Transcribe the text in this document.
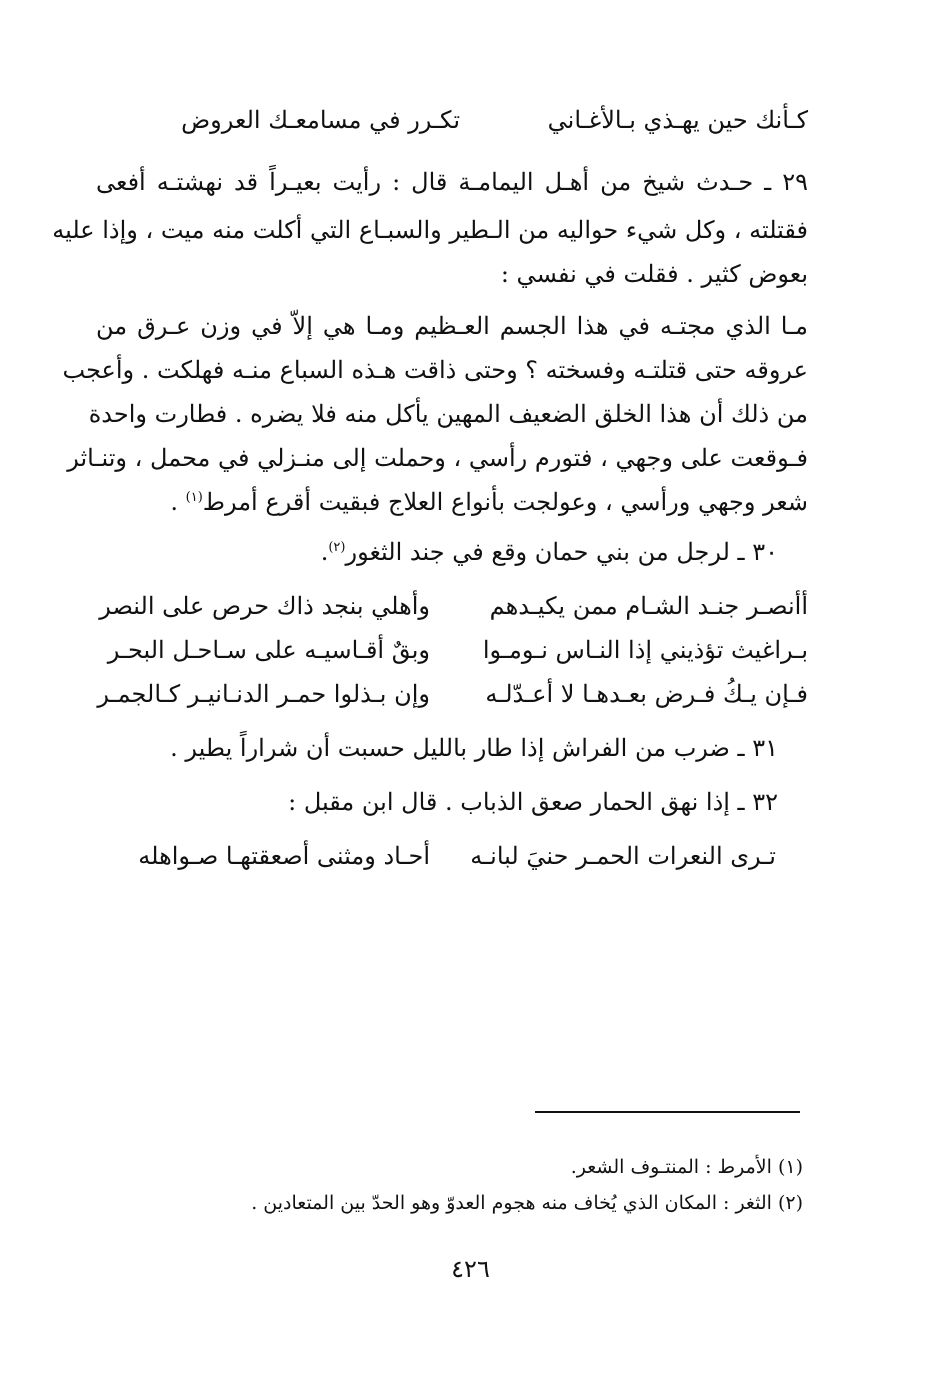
كـأنك حين يهـذي بـالأغـاني
تكـرر في مسامعـك العروض
٢٩ ـ حـدث شيخ من أهـل اليمامـة قال : رأيت بعيـراً قد نهشتـه أفعى
فقتلته ، وكل شيء حواليه من الـطير والسبـاع التي أكلت منه ميت ، وإذا عليه
بعوض كثير . فقلت في نفسي :
مـا الذي مجتـه في هذا الجسم العـظيم ومـا هي إلاّ في وزن عـرق من
عروقه حتى قتلتـه وفسخته ؟ وحتى ذاقت هـذه السباع منـه فهلكت . وأعجب
من ذلك أن هذا الخلق الضعيف المهين يأكل منه فلا يضره . فطارت واحدة
فـوقعت على وجهي ، فتورم رأسي ، وحملت إلى منـزلي في محمل ، وتنـاثر
شعر وجهي ورأسي ، وعولجت بأنواع العلاج فبقيت أقرع أمرط$^{(١)}$ .
٣٠ ـ لرجل من بني حمان وقع في جند الثغور$^{(٢)}$.
أأنصـر جنـد الشـام ممن يكيـدهم
وأهلي بنجد ذاك حرص على النصر
بـراغيث تؤذيني إذا النـاس نـومـوا
وبقٌ أقـاسيـه على سـاحـل البحـر
فـإن يـكُ فـرض بعـدهـا لا أعـدّلـه
وإن بـذلوا حمـر الدنـانيـر كـالجمـر
٣١ ـ ضرب من الفراش إذا طار بالليل حسبت أن شراراً يطير .
٣٢ ـ إذا نهق الحمار صعق الذباب . قال ابن مقبل :
تـرى النعرات الحمـر حنيَ لبانـه
أحـاد ومثنى أصعقتهـا صـواهله
(١) الأمرط : المنتـوف الشعر.
(٢) الثغر : المكان الذي يُخاف منه هجوم العدوّ وهو الحدّ بين المتعادين .
٤٢٦
